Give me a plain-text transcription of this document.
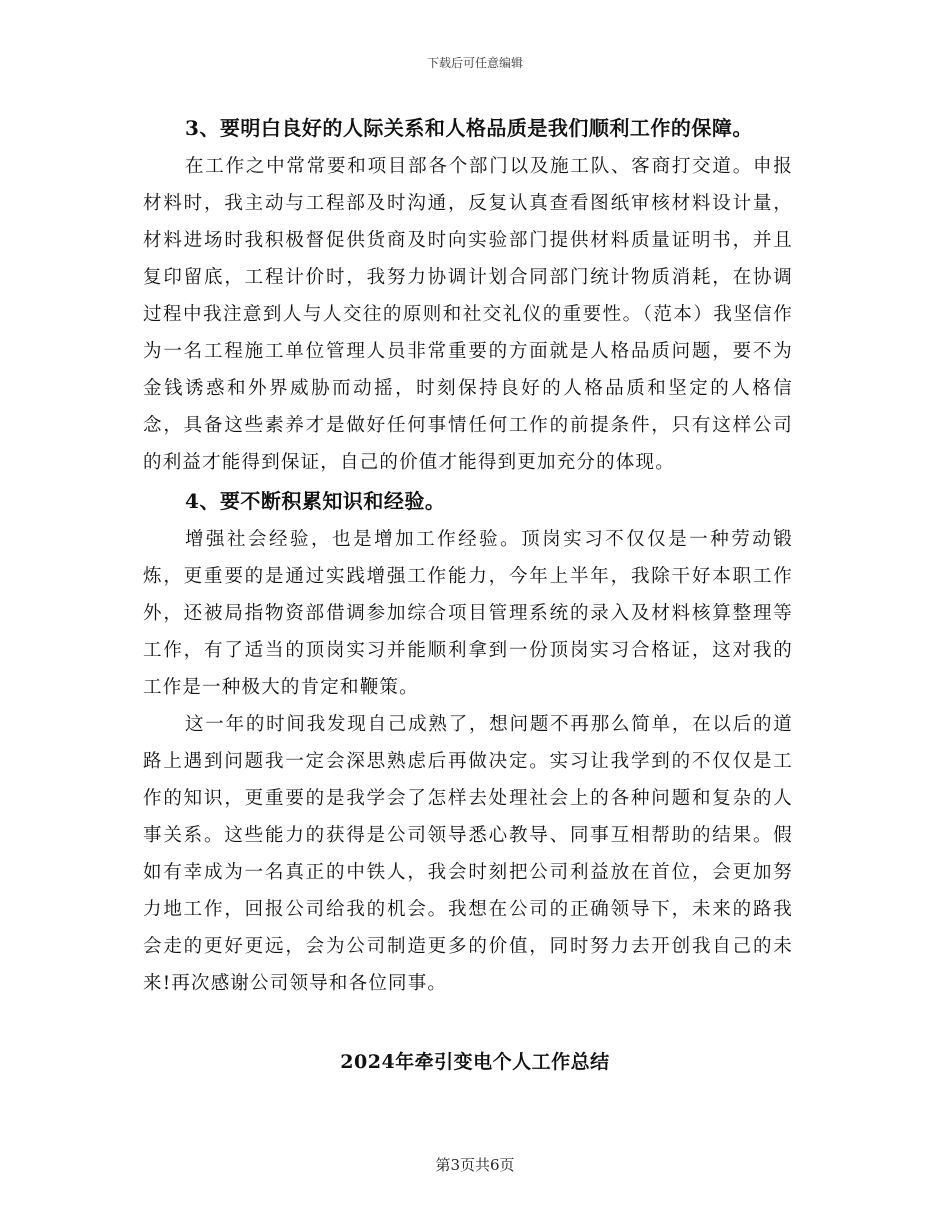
下载后可任意编辑

3、要明白良好的人际关系和人格品质是我们顺利工作的保障。

在工作之中常常要和项目部各个部门以及施工队、客商打交道。申报材料时，我主动与工程部及时沟通，反复认真查看图纸审核材料设计量，材料进场时我积极督促供货商及时向实验部门提供材料质量证明书，并且复印留底，工程计价时，我努力协调计划合同部门统计物质消耗，在协调过程中我注意到人与人交往的原则和社交礼仪的重要性。（范本）我坚信作为一名工程施工单位管理人员非常重要的方面就是人格品质问题，要不为金钱诱惑和外界威胁而动摇，时刻保持良好的人格品质和坚定的人格信念，具备这些素养才是做好任何事情任何工作的前提条件，只有这样公司的利益才能得到保证，自己的价值才能得到更加充分的体现。

4、要不断积累知识和经验。

增强社会经验，也是增加工作经验。顶岗实习不仅仅是一种劳动锻炼，更重要的是通过实践增强工作能力，今年上半年，我除干好本职工作外，还被局指物资部借调参加综合项目管理系统的录入及材料核算整理等工作，有了适当的顶岗实习并能顺利拿到一份顶岗实习合格证，这对我的工作是一种极大的肯定和鞭策。

这一年的时间我发现自己成熟了，想问题不再那么简单，在以后的道路上遇到问题我一定会深思熟虑后再做决定。实习让我学到的不仅仅是工作的知识，更重要的是我学会了怎样去处理社会上的各种问题和复杂的人事关系。这些能力的获得是公司领导悉心教导、同事互相帮助的结果。假如有幸成为一名真正的中铁人，我会时刻把公司利益放在首位，会更加努力地工作，回报公司给我的机会。我想在公司的正确领导下，未来的路我会走的更好更远，会为公司制造更多的价值，同时努力去开创我自己的未来!再次感谢公司领导和各位同事。

2024年牵引变电个人工作总结
第3页共6页
